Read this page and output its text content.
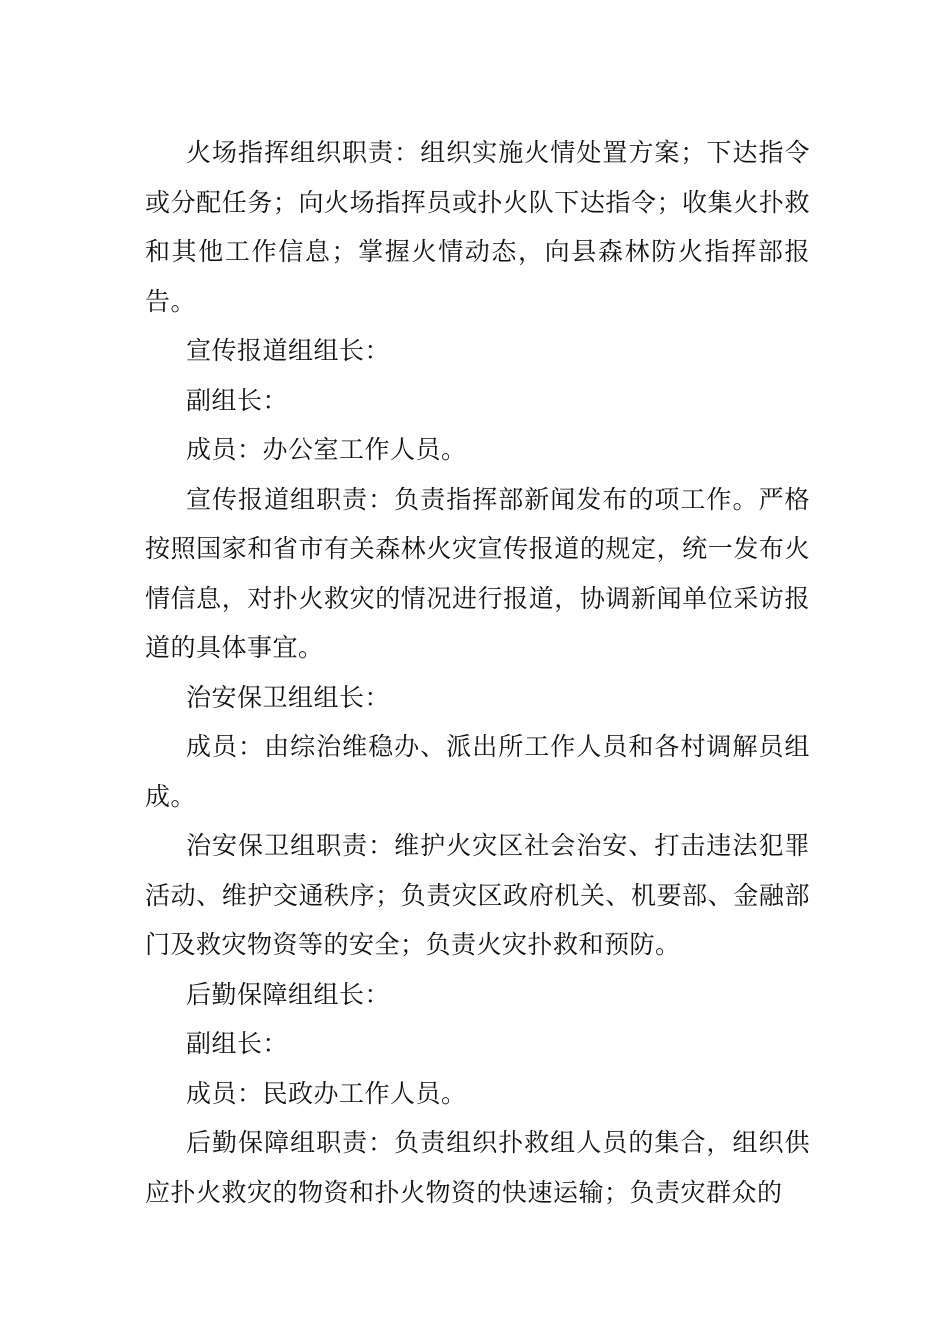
火场指挥组织职责：组织实施火情处置方案；下达指令或分配任务；向火场指挥员或扑火队下达指令；收集火扑救和其他工作信息；掌握火情动态，向县森林防火指挥部报告。

宣传报道组组长：

副组长：

成员：办公室工作人员。

宣传报道组职责：负责指挥部新闻发布的项工作。严格按照国家和省市有关森林火灾宣传报道的规定，统一发布火情信息，对扑火救灾的情况进行报道，协调新闻单位采访报道的具体事宜。

治安保卫组组长：

成员：由综治维稳办、派出所工作人员和各村调解员组成。

治安保卫组职责：维护火灾区社会治安、打击违法犯罪活动、维护交通秩序；负责灾区政府机关、机要部、金融部门及救灾物资等的安全；负责火灾扑救和预防。

后勤保障组组长：

副组长：

成员：民政办工作人员。

后勤保障组职责：负责组织扑救组人员的集合，组织供应扑火救灾的物资和扑火物资的快速运输；负责灾群众的
